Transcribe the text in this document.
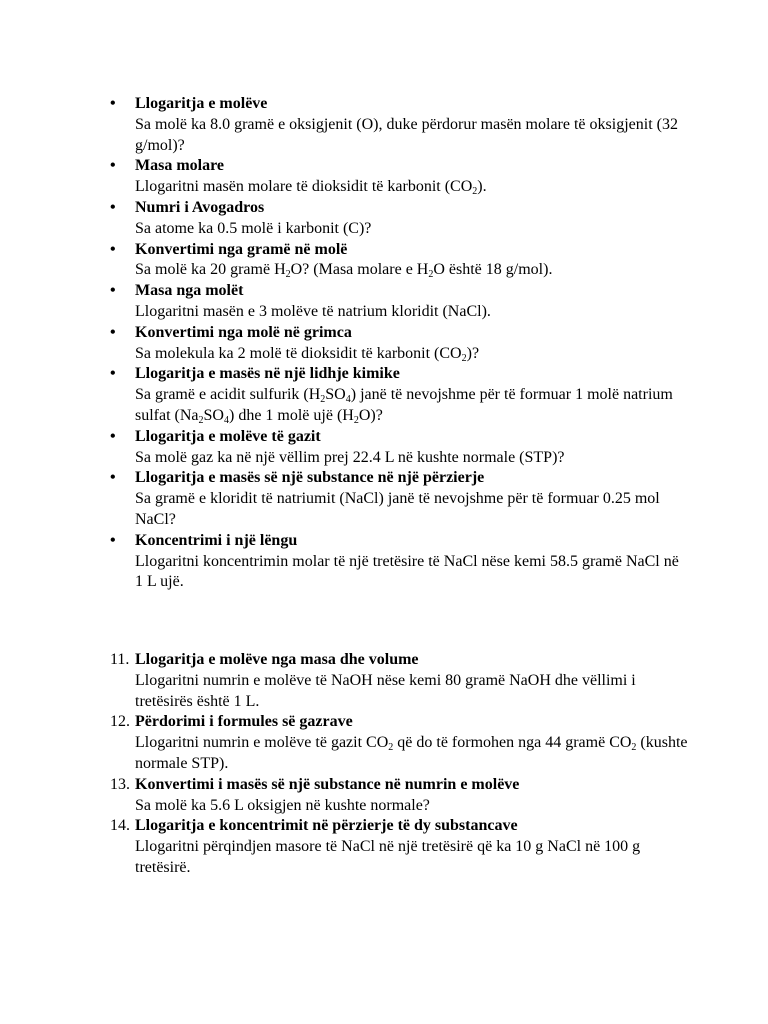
• Llogaritja e molëve
Sa molë ka 8.0 gramë e oksigjenit (O), duke përdorur masën molare të oksigjenit (32 g/mol)?
• Masa molare
Llogaritni masën molare të dioksidit të karbonit $(CO_2)$.
• Numri i Avogadros
Sa atome ka 0.5 molë i karbonit (C)?
• Konvertimi nga gramë në molë
Sa molë ka 20 gramë $H_2O$? (Masa molare e $H_2O$ është 18 g/mol).
• Masa nga molët
Llogaritni masën e 3 molëve të natrium kloridit (NaCl).
• Konvertimi nga molë në grimca
Sa molekula ka 2 molë të dioksidit të karbonit $(CO_2)$?
• Llogaritja e masës në një lidhje kimike
Sa gramë e acidit sulfurik $(H_2SO_4)$ janë të nevojshme për të formuar 1 molë natrium sulfat $(Na_2SO_4)$ dhe 1 molë ujë $(H_2O)$?
• Llogaritja e molëve të gazit
Sa molë gaz ka në një vëllim prej 22.4 L në kushte normale (STP)?
• Llogaritja e masës së një substance në një përzierje
Sa gramë e kloridit të natriumit (NaCl) janë të nevojshme për të formuar 0.25 mol NaCl?
• Koncentrimi i një lëngu
Llogaritni koncentrimin molar të një tretësire të NaCl nëse kemi 58.5 gramë NaCl në 1 L ujë.
11. Llogaritja e molëve nga masa dhe volume
Llogaritni numrin e molëve të NaOH nëse kemi 80 gramë NaOH dhe vëllimi i tretësirës është 1 L.
12. Përdorimi i formules së gazrave
Llogaritni numrin e molëve të gazit $CO_2$ që do të formohen nga 44 gramë $CO_2$ (kushte normale STP).
13. Konvertimi i masës së një substance në numrin e molëve
Sa molë ka 5.6 L oksigjen në kushte normale?
14. Llogaritja e koncentrimit në përzierje të dy substancave
Llogaritni përqindjen masore të NaCl në një tretësirë që ka 10 g NaCl në 100 g tretësirë.
